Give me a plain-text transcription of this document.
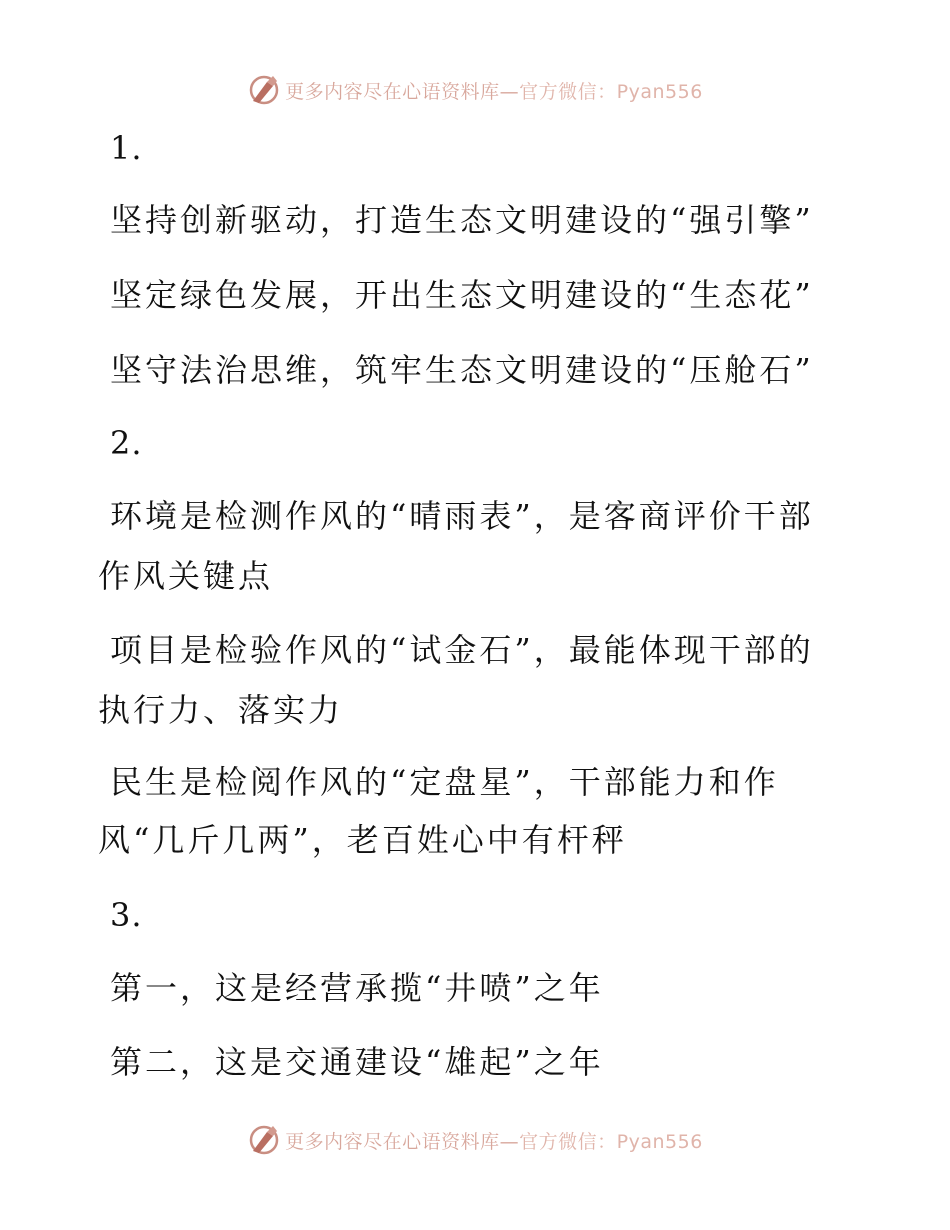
更多内容尽在心语资料库—官方微信：Pyan556
1.
坚持创新驱动，打造生态文明建设的“强引擎”
坚定绿色发展，开出生态文明建设的“生态花”
坚守法治思维，筑牢生态文明建设的“压舱石”
2.
环境是检测作风的“晴雨表”，是客商评价干部
作风关键点
项目是检验作风的“试金石”，最能体现干部的
执行力、落实力
民生是检阅作风的“定盘星”，干部能力和作
风“几斤几两”，老百姓心中有杆秤
3.
第一，这是经营承揽“井喷”之年
第二，这是交通建设“雄起”之年
更多内容尽在心语资料库—官方微信：Pyan556
